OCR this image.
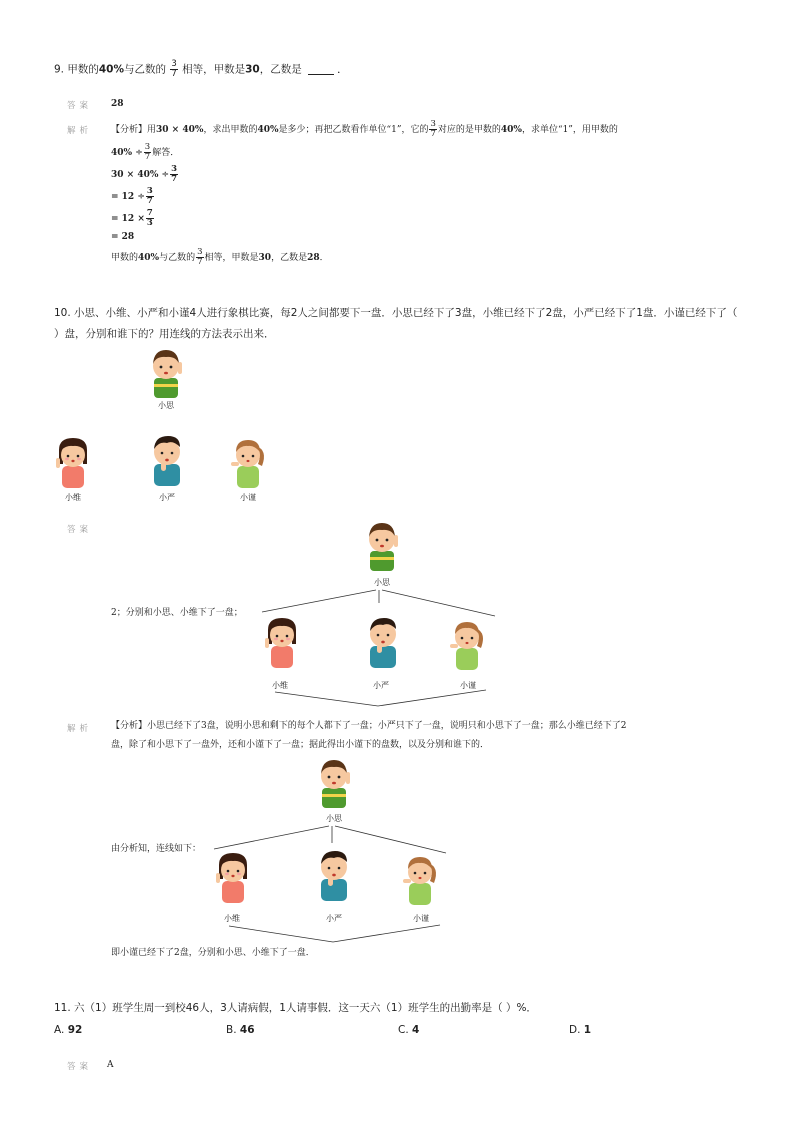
9. 甲数的40%与乙数的 $\frac{3}{7}$ 相等，甲数是30，乙数是	．
答案 28
解析 【分析】用30 × 40%，求出甲数的40%是多少；再把乙数看作单位“1”，它的 $\frac{3}{7}$ 对应的是甲数的40%，求单位“1”，用甲数的
$40\% \div \frac{3}{7}$ 解答．
$30 \times 40\% \div \frac{3}{7}$
= $12 \div \frac{3}{7}$
= $12 \times \frac{7}{3}$
= 28
甲数的40%与乙数的 $\frac{3}{7}$ 相等，甲数是30，乙数是28．
10. 小思、小维、小严和小谨4人进行象棋比赛，每2人之间都要下一盘．小思已经下了3盘，小维已经下了2盘，小严已经下了1盘．小谨已经下了（
）盘，分别和谁下的？用连线的方法表示出来．
小思
小维	小严	小谨
答案
小思
2；分别和小思、小维下了一盘；
小维	小严	小谨
解析 【分析】小思已经下了3盘，说明小思和剩下的每个人都下了一盘；小严只下了一盘，说明只和小思下了一盘；那么小维已经下了2
盘，除了和小思下了一盘外，还和小谨下了一盘；据此得出小谨下的盘数，以及分别和谁下的．
小思
由分析知，连线如下：
小维	小严	小谨
即小谨已经下了2盘，分别和小思、小维下了一盘．
11. 六（1）班学生周一到校46人，3人请病假，1人请事假．这一天六（1）班学生的出勤率是（ ）%．
A. 92	B. 46	C. 4	D. 1
答案 A
